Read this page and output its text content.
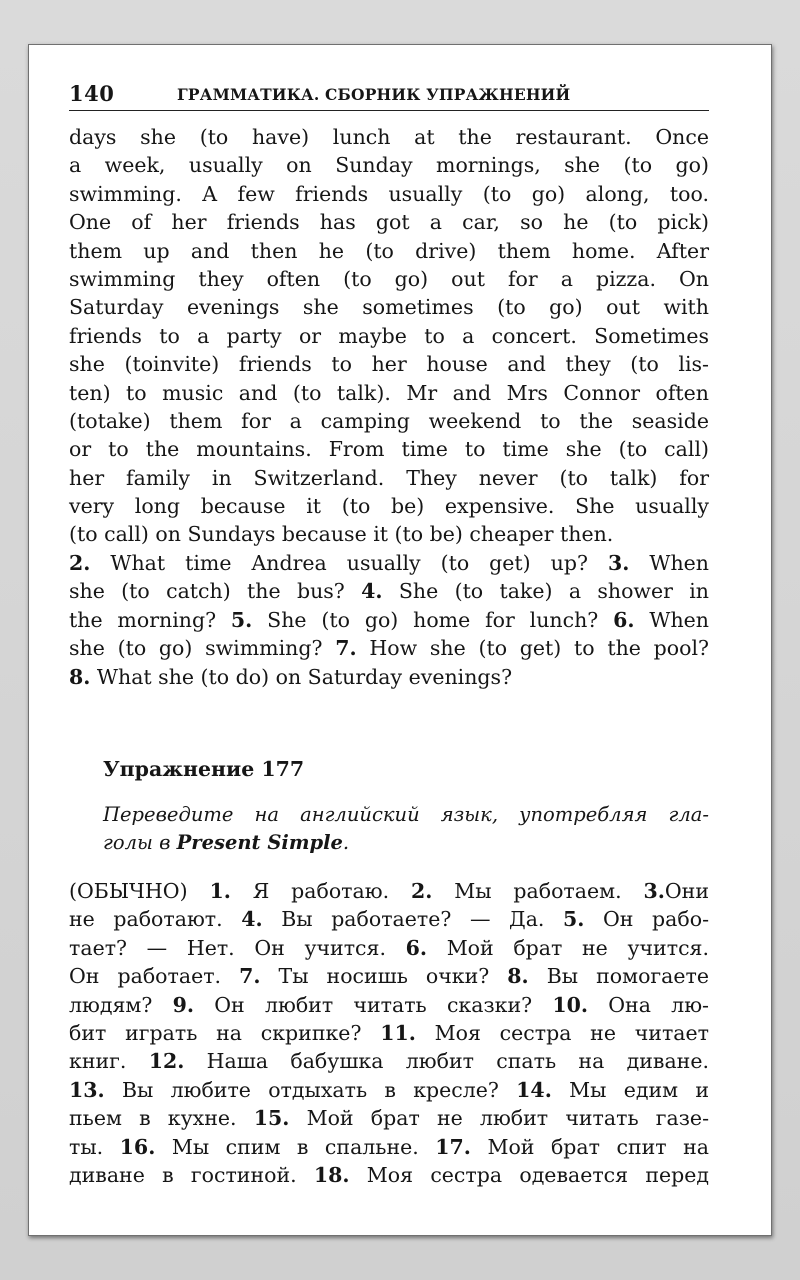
140	ГРАММАТИКА. СБОРНИК УПРАЖНЕНИЙ
days she (to have) lunch at the restaurant. Once
a week, usually on Sunday mornings, she (to go)
swimming. A few friends usually (to go) along, too.
One of her friends has got a car, so he (to pick)
them up and then he (to drive) them home. After
swimming they often (to go) out for a pizza. On
Saturday evenings she sometimes (to go) out with
friends to a party or maybe to a concert. Sometimes
she (toinvite) friends to her house and they (to lis-
ten) to music and (to talk). Mr and Mrs Connor often
(totake) them for a camping weekend to the seaside
or to the mountains. From time to time she (to call)
her family in Switzerland. They never (to talk) for
very long because it (to be) expensive. She usually
(to call) on Sundays because it (to be) cheaper then.
2. What time Andrea usually (to get) up? 3. When
she (to catch) the bus? 4. She (to take) a shower in
the morning? 5. She (to go) home for lunch? 6. When
she (to go) swimming? 7. How she (to get) to the pool?
8. What she (to do) on Saturday evenings?
Упражнение 177
Переведите на английский язык, употребляя гла-
голы в Present Simple.
(ОБЫЧНО) 1. Я работаю. 2. Мы работаем. 3.Они
не работают. 4. Вы работаете? — Да. 5. Он рабо-
тает? — Нет. Он учится. 6. Мой брат не учится.
Он работает. 7. Ты носишь очки? 8. Вы помогаете
людям? 9. Он любит читать сказки? 10. Она лю-
бит играть на скрипке? 11. Моя сестра не читает
книг. 12. Наша бабушка любит спать на диване.
13. Вы любите отдыхать в кресле? 14. Мы едим и
пьем в кухне. 15. Мой брат не любит читать газе-
ты. 16. Мы спим в спальне. 17. Мой брат спит на
диване в гостиной. 18. Моя сестра одевается перед
